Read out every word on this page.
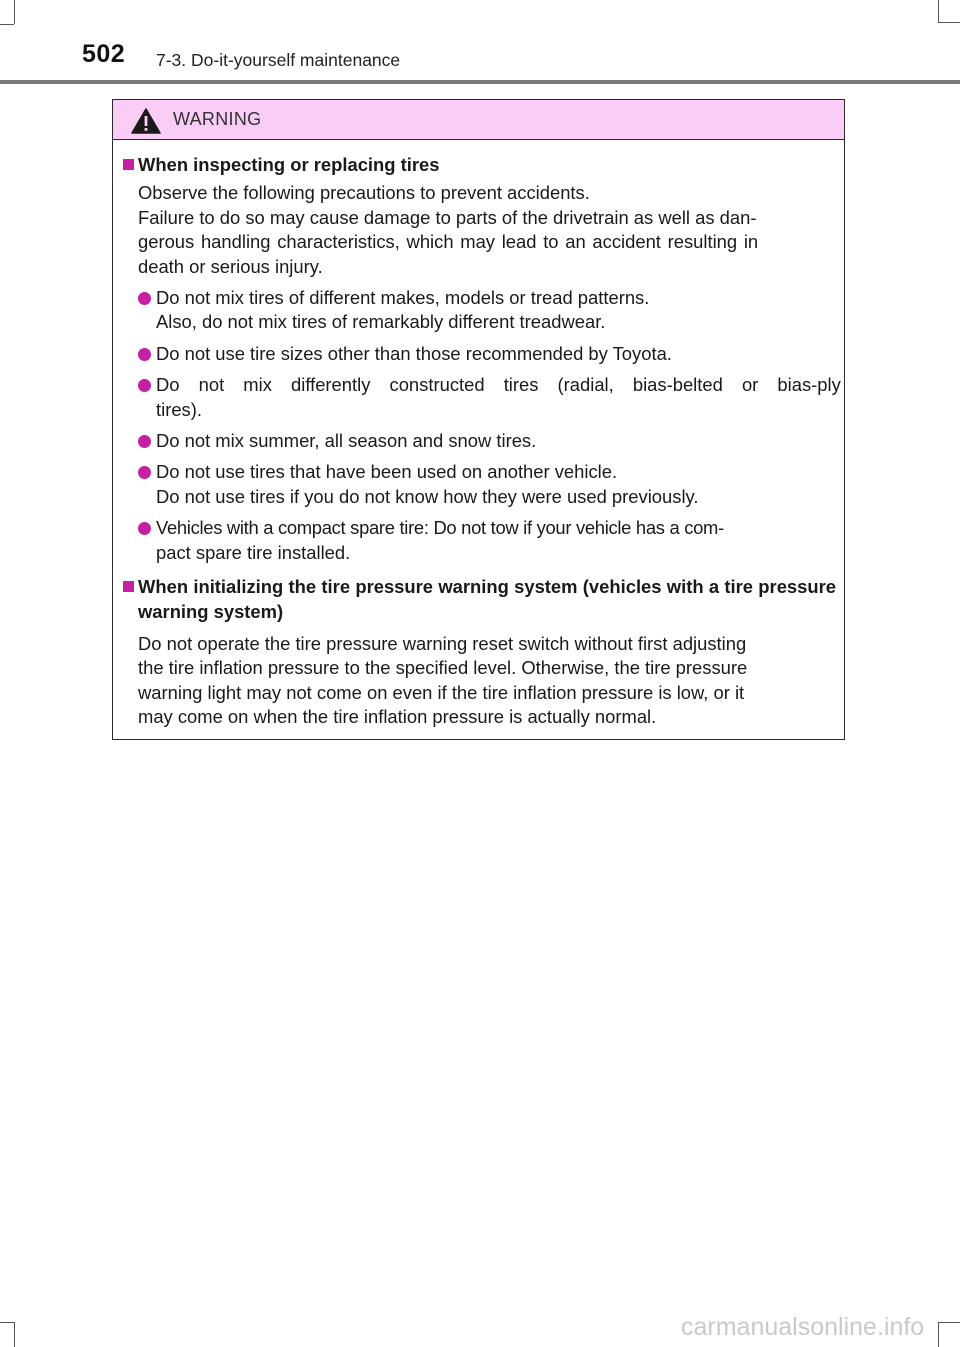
502 7-3. Do-it-yourself maintenance
WARNING
When inspecting or replacing tires
Observe the following precautions to prevent accidents.
Failure to do so may cause damage to parts of the drivetrain as well as dan-
gerous handling characteristics, which may lead to an accident resulting in
death or serious injury.
Do not mix tires of different makes, models or tread patterns.
Also, do not mix tires of remarkably different treadwear.
Do not use tire sizes other than those recommended by Toyota.
Do not mix differently constructed tires (radial, bias-belted or bias-ply
tires).
Do not mix summer, all season and snow tires.
Do not use tires that have been used on another vehicle.
Do not use tires if you do not know how they were used previously.
Vehicles with a compact spare tire: Do not tow if your vehicle has a com-
pact spare tire installed.
When initializing the tire pressure warning system (vehicles with a tire pressure warning system)
Do not operate the tire pressure warning reset switch without first adjusting
the tire inflation pressure to the specified level. Otherwise, the tire pressure
warning light may not come on even if the tire inflation pressure is low, or it
may come on when the tire inflation pressure is actually normal.
carmanualsonline.info
